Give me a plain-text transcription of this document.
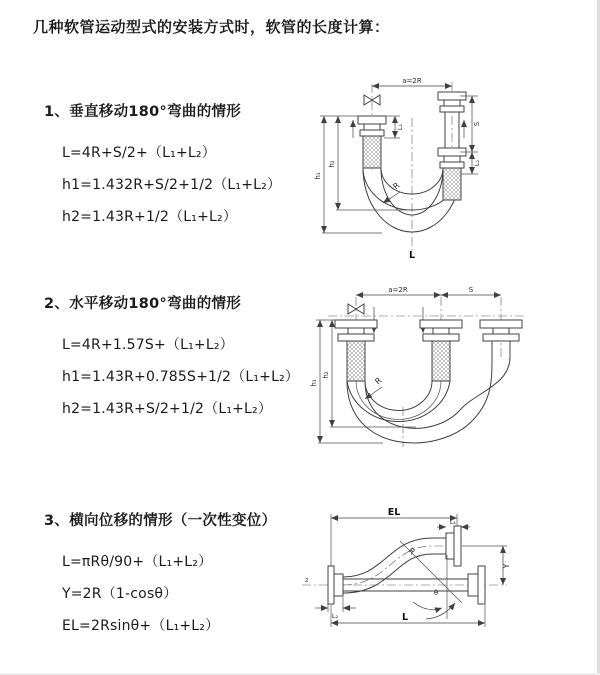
几种软管运动型式的安装方式时，软管的长度计算：
1、垂直移动180°弯曲的情形
L=4R+S/2+（L₁+L₂）
h1=1.432R+S/2+1/2（L₁+L₂）
h2=1.43R+1/2（L₁+L₂）
a=2R
S
L₂
L₁
h₁
h₂
R
L
2、水平移动180°弯曲的情形
L=4R+1.57S+（L₁+L₂）
h1=1.43R+0.785S+1/2（L₁+L₂）
h2=1.43R+S/2+1/2（L₁+L₂）
a=2R	S
h₁
h₂
R
3、横向位移的情形（一次性变位）
L=πRθ/90+（L₁+L₂）
Y=2R（1-cosθ）
EL=2Rsinθ+（L₁+L₂）
z
EL
L₁
Y
L
L₂
R
θ
